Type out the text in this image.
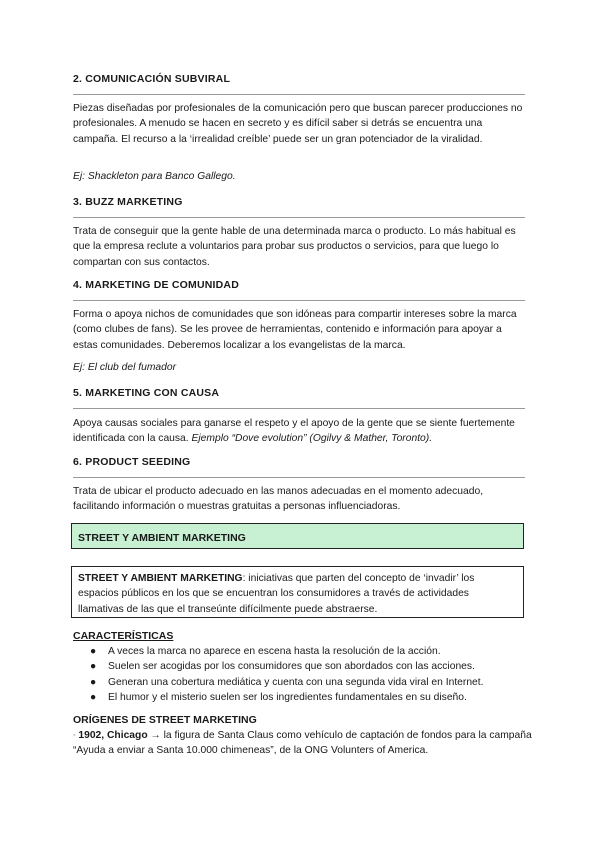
2. COMUNICACIÓN SUBVIRAL
Piezas diseñadas por profesionales de la comunicación pero que buscan parecer producciones no profesionales. A menudo se hacen en secreto y es difícil saber si detrás se encuentra una campaña. El recurso a la ‘irrealidad creíble’ puede ser un gran potenciador de la viralidad.
Ej: Shackleton para Banco Gallego.
3. BUZZ MARKETING
Trata de conseguir que la gente hable de una determinada marca o producto. Lo más habitual es que la empresa reclute a voluntarios para probar sus productos o servicios, para que luego lo compartan con sus contactos.
4. MARKETING DE COMUNIDAD
Forma o apoya nichos de comunidades que son idóneas para compartir intereses sobre la marca (como clubes de fans). Se les provee de herramientas, contenido e información para apoyar a estas comunidades. Deberemos localizar a los evangelistas de la marca.
Ej: El club del fumador
5. MARKETING CON CAUSA
Apoya causas sociales para ganarse el respeto y el apoyo de la gente que se siente fuertemente identificada con la causa. Ejemplo “Dove evolution” (Ogilvy & Mather, Toronto).
6. PRODUCT SEEDING
Trata de ubicar el producto adecuado en las manos adecuadas en el momento adecuado, facilitando información o muestras gratuitas a personas influenciadoras.
STREET Y AMBIENT MARKETING
STREET Y AMBIENT MARKETING: iniciativas que parten del concepto de ‘invadir’ los espacios públicos en los que se encuentran los consumidores a través de actividades llamativas de las que el transeúnte difícilmente puede abstraerse.
CARACTERÍSTICAS
● A veces la marca no aparece en escena hasta la resolución de la acción.
● Suelen ser acogidas por los consumidores que son abordados con las acciones.
● Generan una cobertura mediática y cuenta con una segunda vida viral en Internet.
● El humor y el misterio suelen ser los ingredientes fundamentales en su diseño.
ORÍGENES DE STREET MARKETING
◦ 1902, Chicago → la figura de Santa Claus como vehículo de captación de fondos para la campaña “Ayuda a enviar a Santa 10.000 chimeneas”, de la ONG Volunters of America.
